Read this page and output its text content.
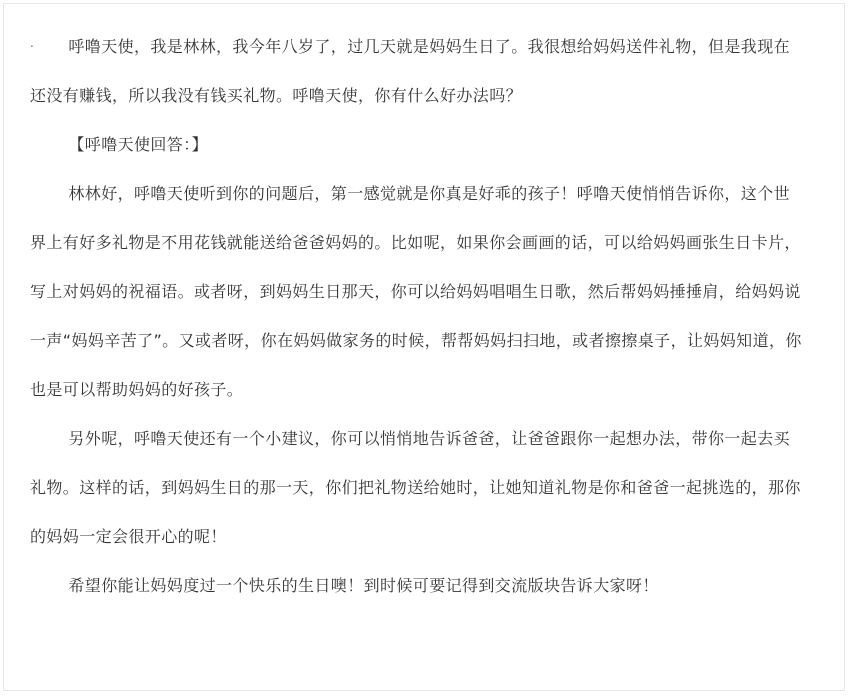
.	呼噜天使，我是林林，我今年八岁了，过几天就是妈妈生日了。我很想给妈妈送件礼物，但是我现在还没有赚钱，所以我没有钱买礼物。呼噜天使，你有什么好办法吗？

【呼噜天使回答：】

林林好，呼噜天使听到你的问题后，第一感觉就是你真是好乖的孩子！呼噜天使悄悄告诉你，这个世界上有好多礼物是不用花钱就能送给爸爸妈妈的。比如呢，如果你会画画的话，可以给妈妈画张生日卡片，写上对妈妈的祝福语。或者呀，到妈妈生日那天，你可以给妈妈唱唱生日歌，然后帮妈妈捶捶肩，给妈妈说一声“妈妈辛苦了”。又或者呀，你在妈妈做家务的时候，帮帮妈妈扫扫地，或者擦擦桌子，让妈妈知道，你也是可以帮助妈妈的好孩子。

另外呢，呼噜天使还有一个小建议，你可以悄悄地告诉爸爸，让爸爸跟你一起想办法，带你一起去买礼物。这样的话，到妈妈生日的那一天，你们把礼物送给她时，让她知道礼物是你和爸爸一起挑选的，那你的妈妈一定会很开心的呢！

希望你能让妈妈度过一个快乐的生日噢！到时候可要记得到交流版块告诉大家呀！
